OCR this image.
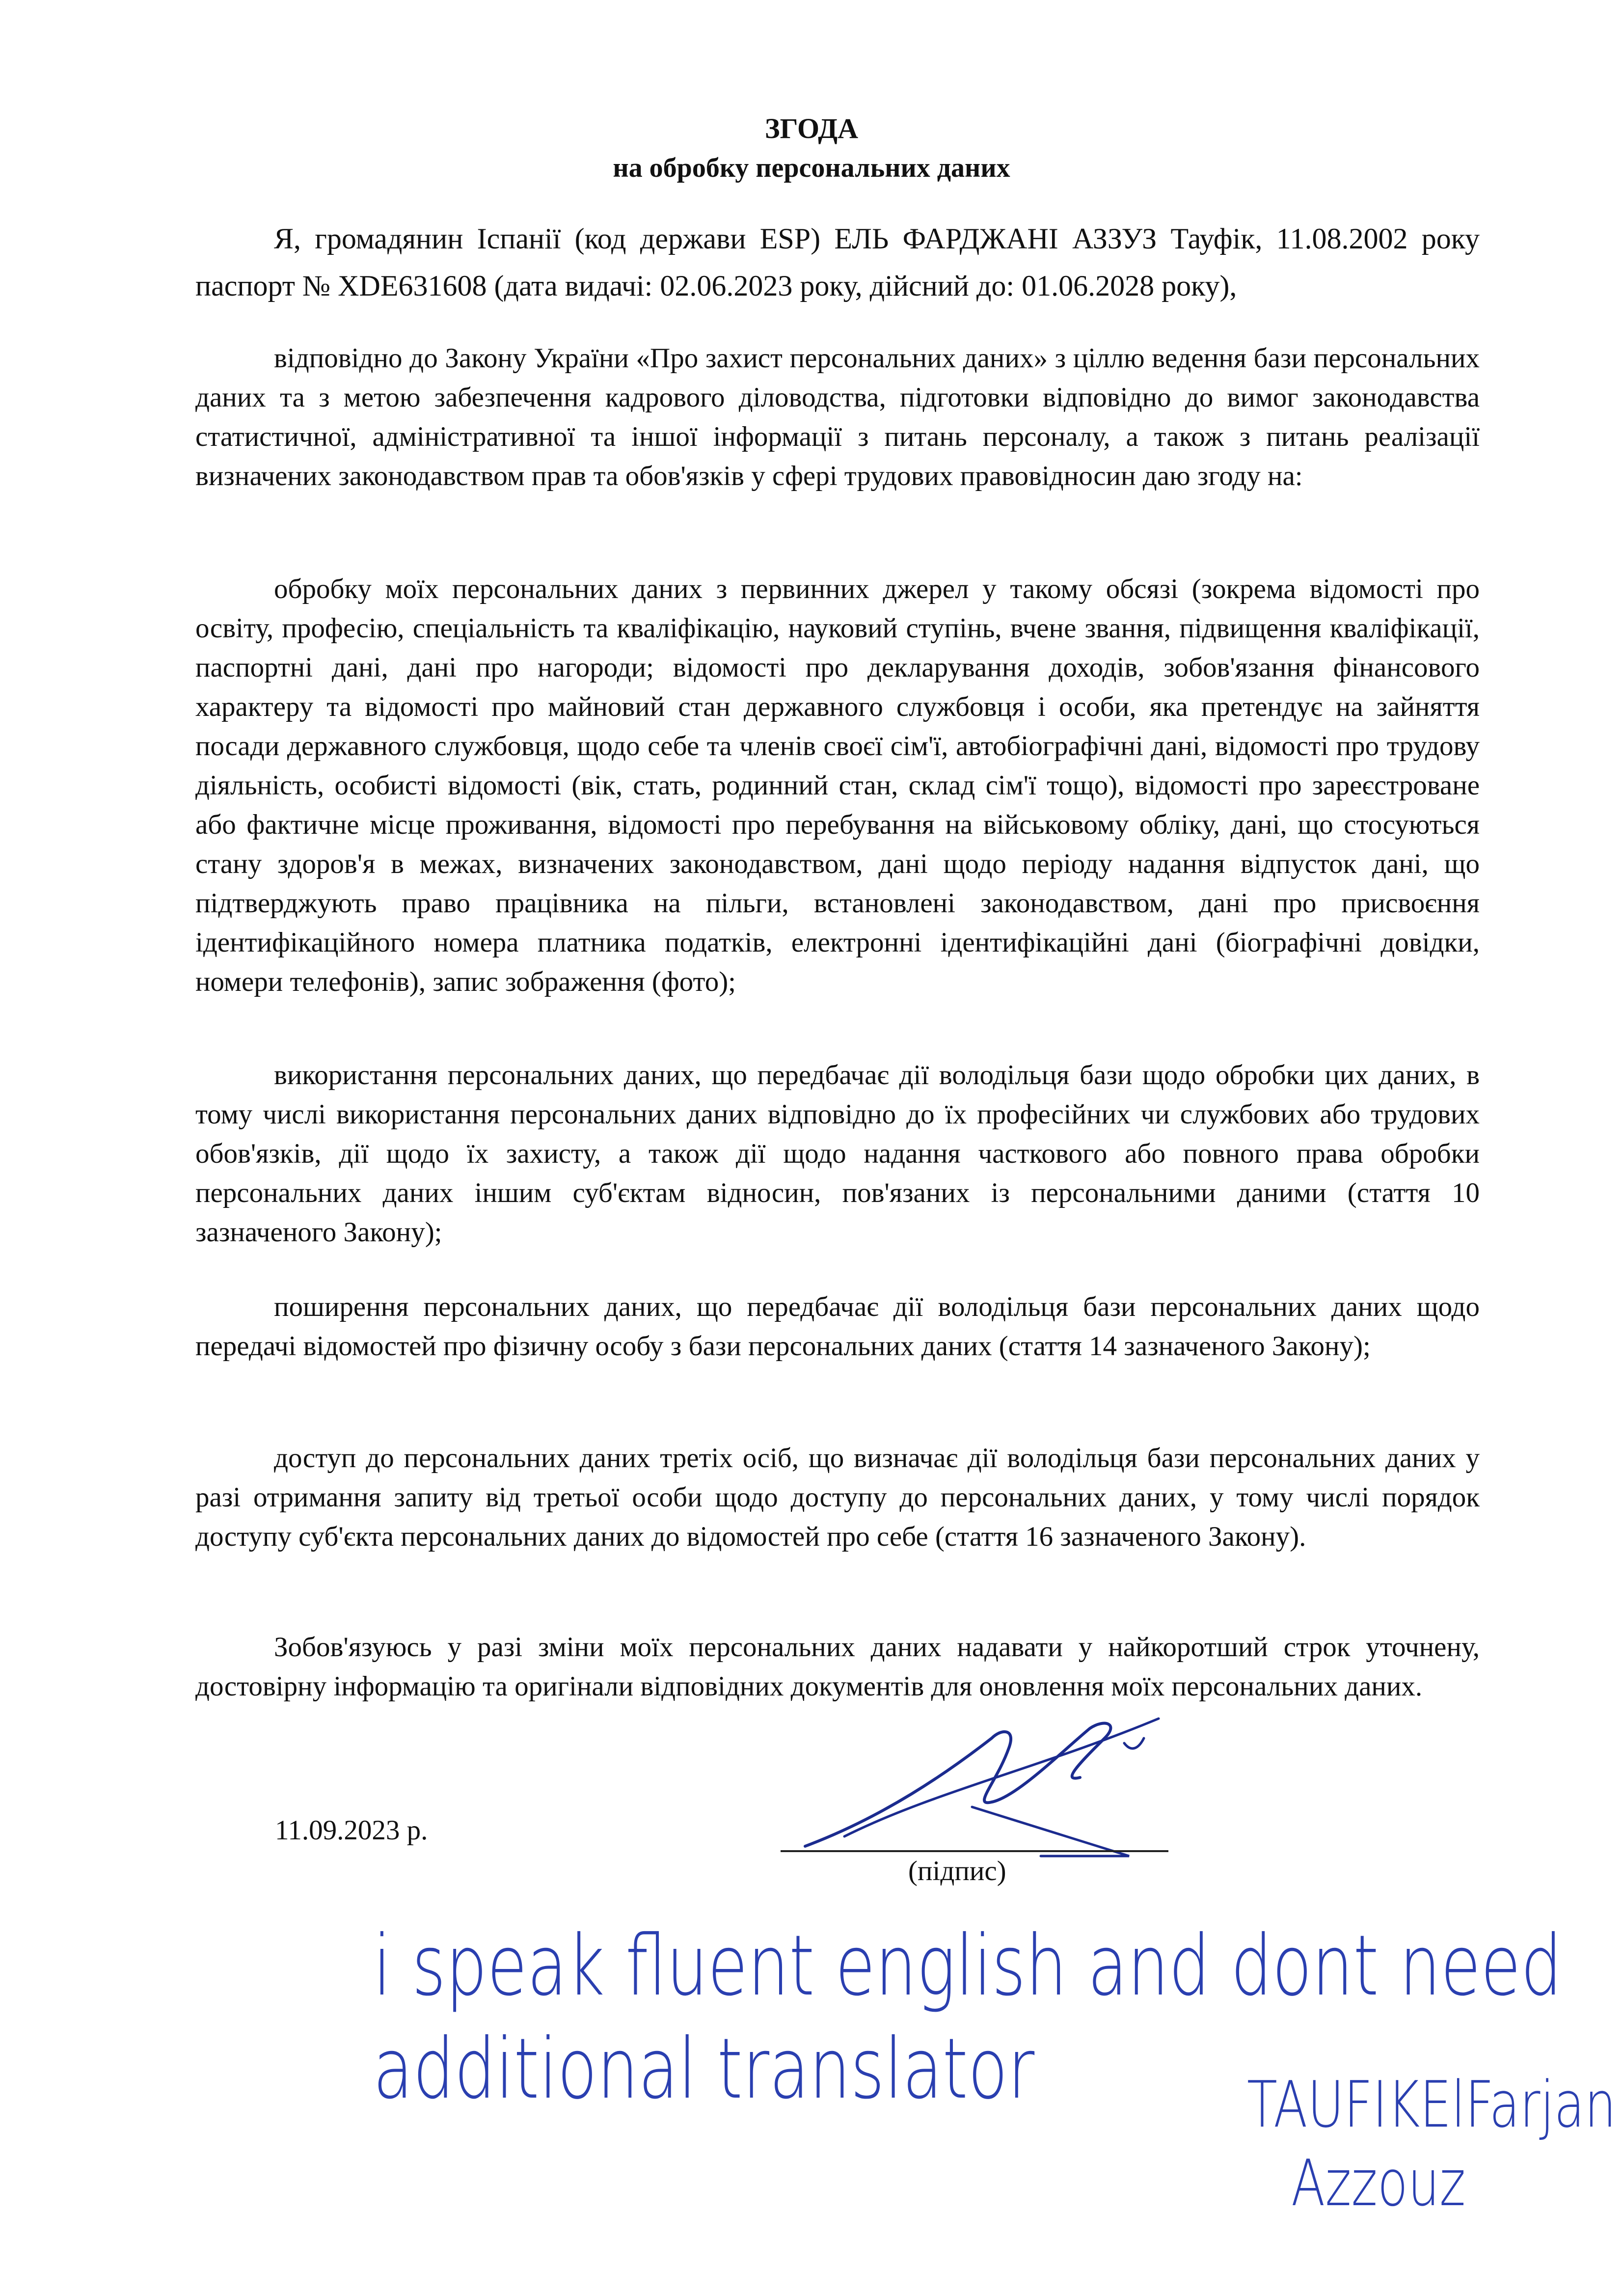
ЗГОДА
на обробку персональних даних
Я, громадянин Іспанії (код держави ESP) ЕЛЬ ФАРДЖАНІ АЗЗУЗ Тауфік, 11.08.2002 року паспорт № XDE631608 (дата видачі: 02.06.2023 року, дійсний до: 01.06.2028 року),
відповідно до Закону України «Про захист персональних даних» з ціллю ведення бази персональних даних та з метою забезпечення кадрового діловодства, підготовки відповідно до вимог законодавства статистичної, адміністративної та іншої інформації з питань персоналу, а також з питань реалізації визначених законодавством прав та обов'язків у сфері трудових правовідносин даю згоду на:
обробку моїх персональних даних з первинних джерел у такому обсязі (зокрема відомості про освіту, професію, спеціальність та кваліфікацію, науковий ступінь, вчене звання, підвищення кваліфікації, паспортні дані, дані про нагороди; відомості про декларування доходів, зобов'язання фінансового характеру та відомості про майновий стан державного службовця і особи, яка претендує на зайняття посади державного службовця, щодо себе та членів своєї сім'ї, автобіографічні дані, відомості про трудову діяльність, особисті відомості (вік, стать, родинний стан, склад сім'ї тощо), відомості про зареєстроване або фактичне місце проживання, відомості про перебування на військовому обліку, дані, що стосуються стану здоров'я в межах, визначених законодавством, дані щодо періоду надання відпусток дані, що підтверджують право працівника на пільги, встановлені законодавством, дані про присвоєння ідентифікаційного номера платника податків, електронні ідентифікаційні дані (біографічні довідки, номери телефонів), запис зображення (фото);
використання персональних даних, що передбачає дії володільця бази щодо обробки цих даних, в тому числі використання персональних даних відповідно до їх професійних чи службових або трудових обов'язків, дії щодо їх захисту, а також дії щодо надання часткового або повного права обробки персональних даних іншим суб'єктам відносин, пов'язаних із персональними даними (стаття 10 зазначеного Закону);
поширення персональних даних, що передбачає дії володільця бази персональних даних щодо передачі відомостей про фізичну особу з бази персональних даних (стаття 14 зазначеного Закону);
доступ до персональних даних третіх осіб, що визначає дії володільця бази персональних даних у разі отримання запиту від третьої особи щодо доступу до персональних даних, у тому числі порядок доступу суб'єкта персональних даних до відомостей про себе (стаття 16 зазначеного Закону).
Зобов'язуюсь у разі зміни моїх персональних даних надавати у найкоротший строк уточнену, достовірну інформацію та оригінали відповідних документів для оновлення моїх персональних даних.
11.09.2023 р.
(підпис)
i speak fluent english and dont need
additional translator	TAUFIKElFarjan
Azzouz
